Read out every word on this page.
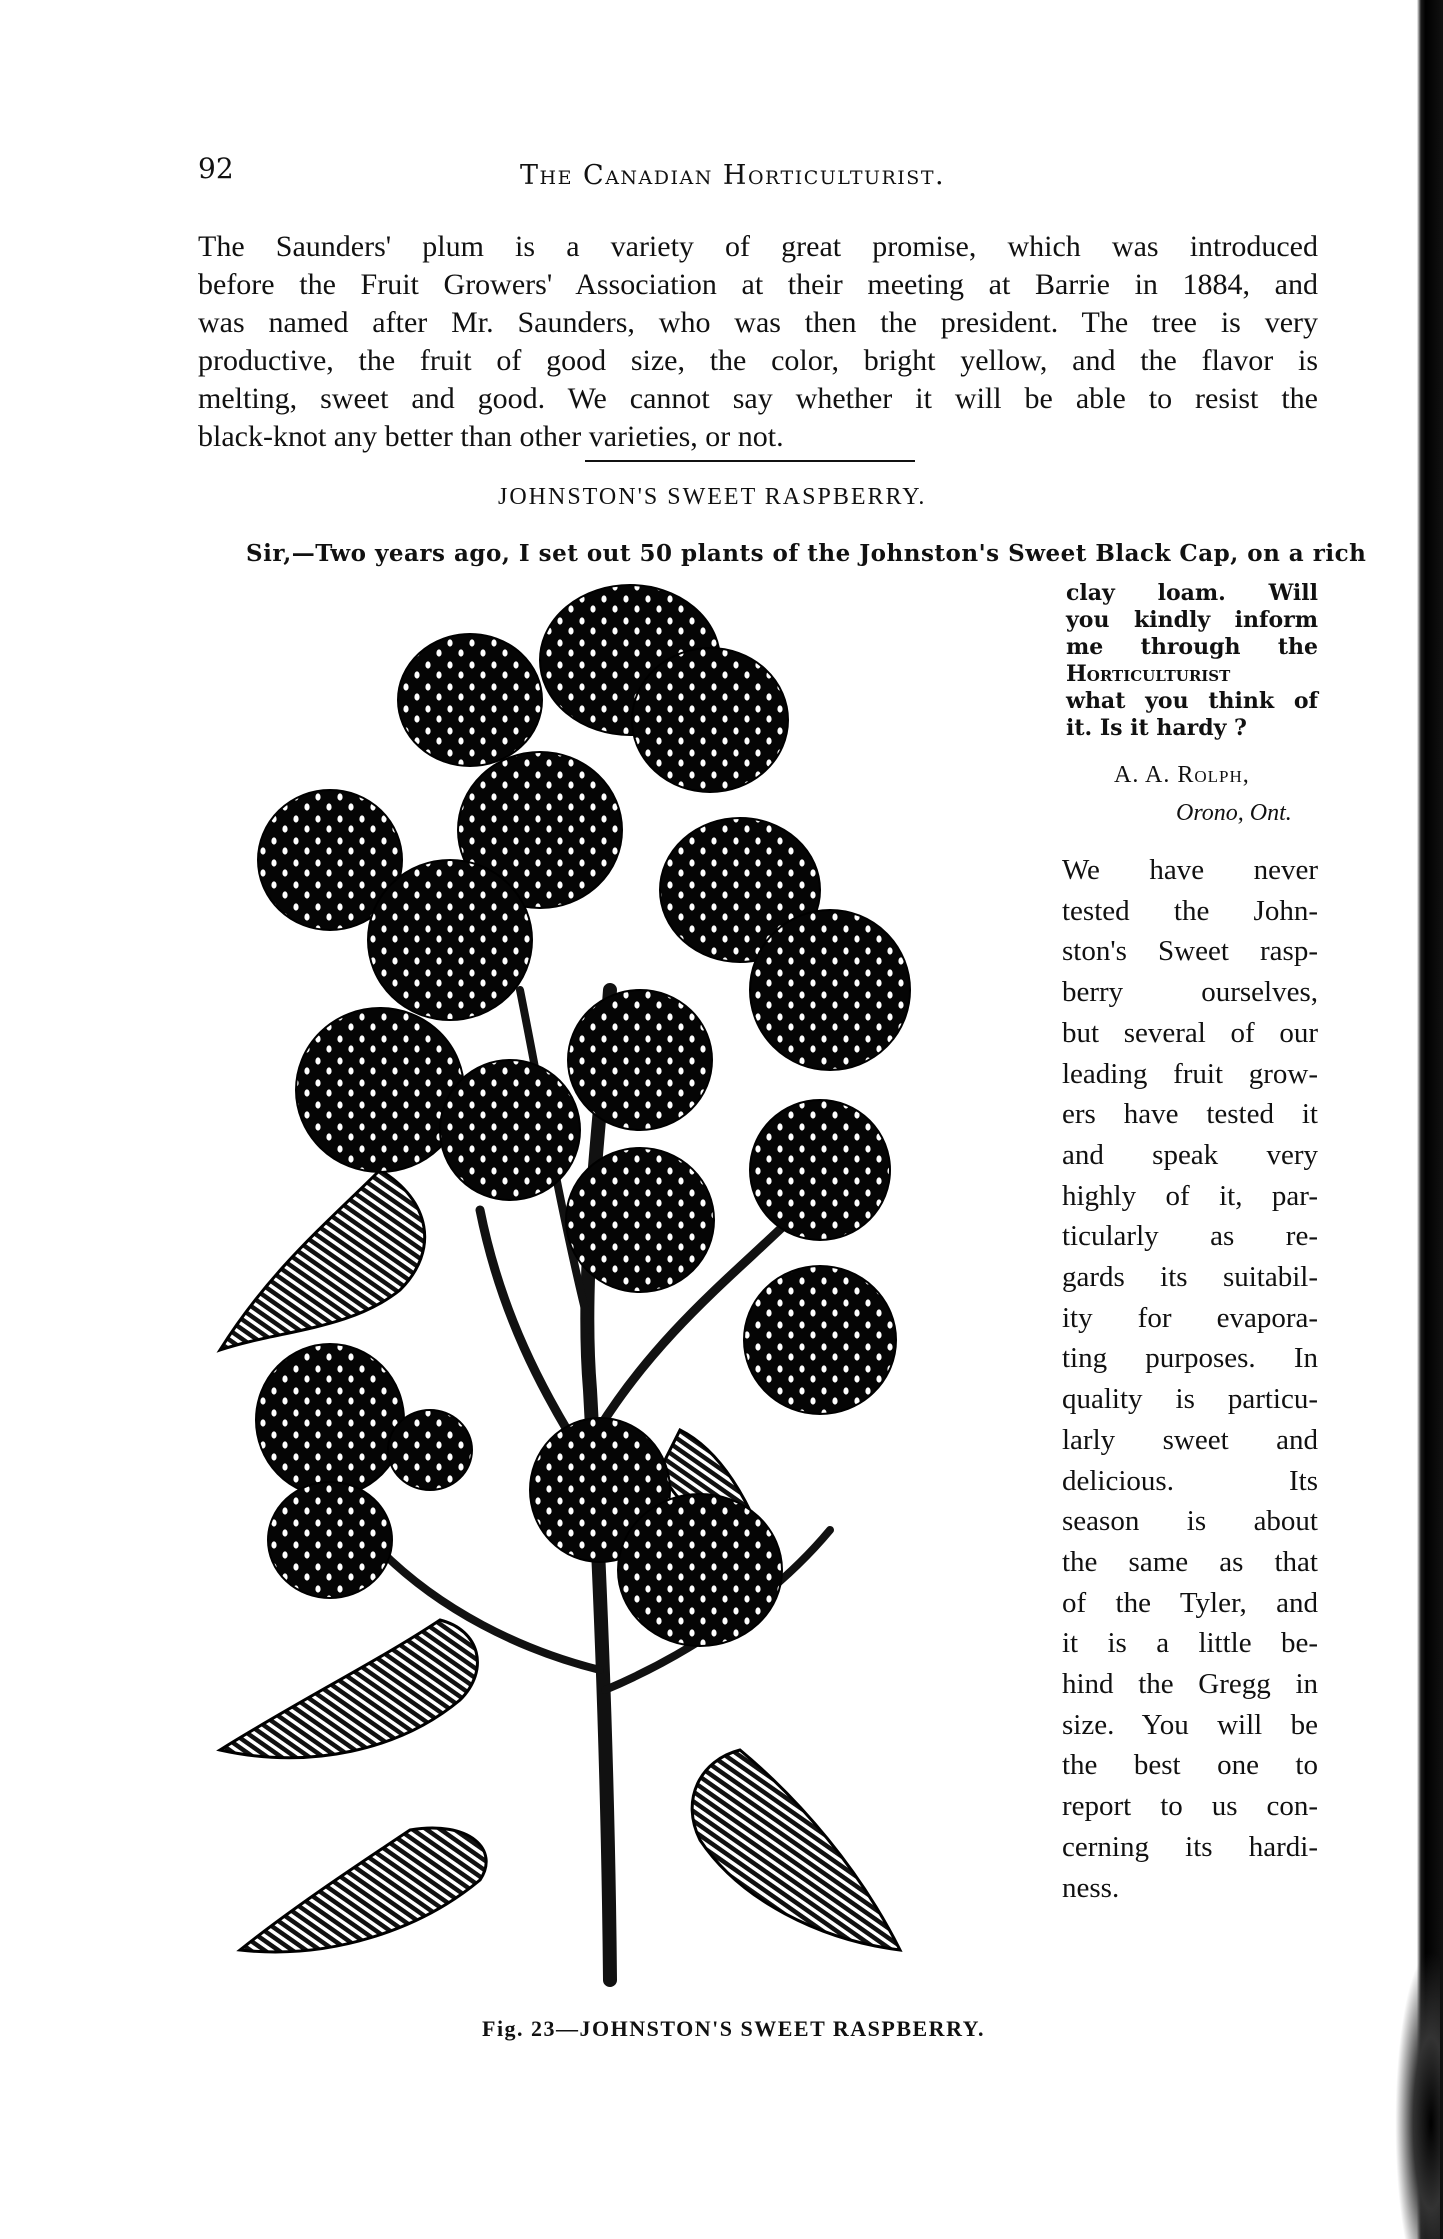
92	The Canadian Horticulturist.
The Saunders' plum is a variety of great promise, which was introduced
before the Fruit Growers' Association at their meeting at Barrie in 1884, and
was named after Mr. Saunders, who was then the president. The tree is very
productive, the fruit of good size, the color, bright yellow, and the flavor is
melting, sweet and good. We cannot say whether it will be able to resist the
black-knot any better than other varieties, or not.
JOHNSTON'S SWEET RASPBERRY.
Sir,—Two years ago, I set out 50 plants of the Johnston's Sweet Black Cap, on a rich
clay loam. Will
you kindly inform
me through the
Horticulturist
what you think of
it. Is it hardy ?
A. A. Rolph,
Orono, Ont.
We have never
tested the John-
ston's Sweet rasp-
berry ourselves,
but several of our
leading fruit grow-
ers have tested it
and speak very
highly of it, par-
ticularly as re-
gards its suitabil-
ity for evapora-
ting purposes. In
quality is particu-
larly sweet and
delicious. Its
season is about
the same as that
of the Tyler, and
it is a little be-
hind the Gregg in
size. You will be
the best one to
report to us con-
cerning its hardi-
ness.
Fig. 23—JOHNSTON'S SWEET RASPBERRY.
